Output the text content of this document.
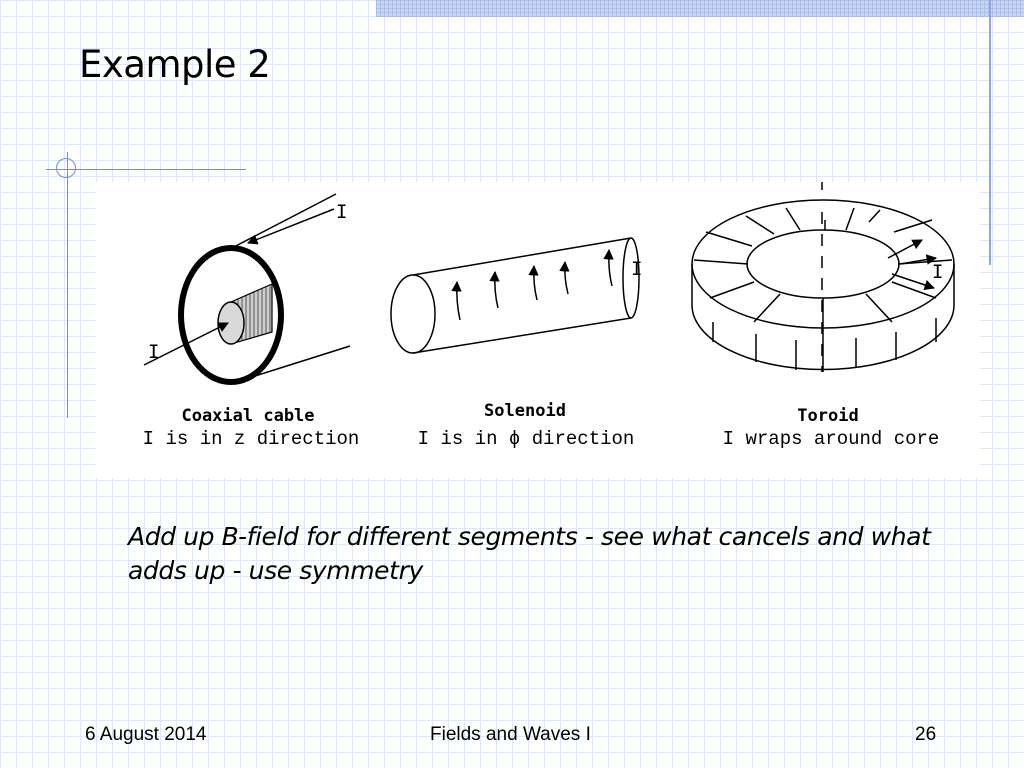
Example 2
I
I
I	I
Coaxial cable
I is in z direction
Solenoid
I is in ϕ direction
Toroid
I wraps around core

Add up B-field for different segments - see what cancels and what adds up - use symmetry

6 August 2014	Fields and Waves I	26
